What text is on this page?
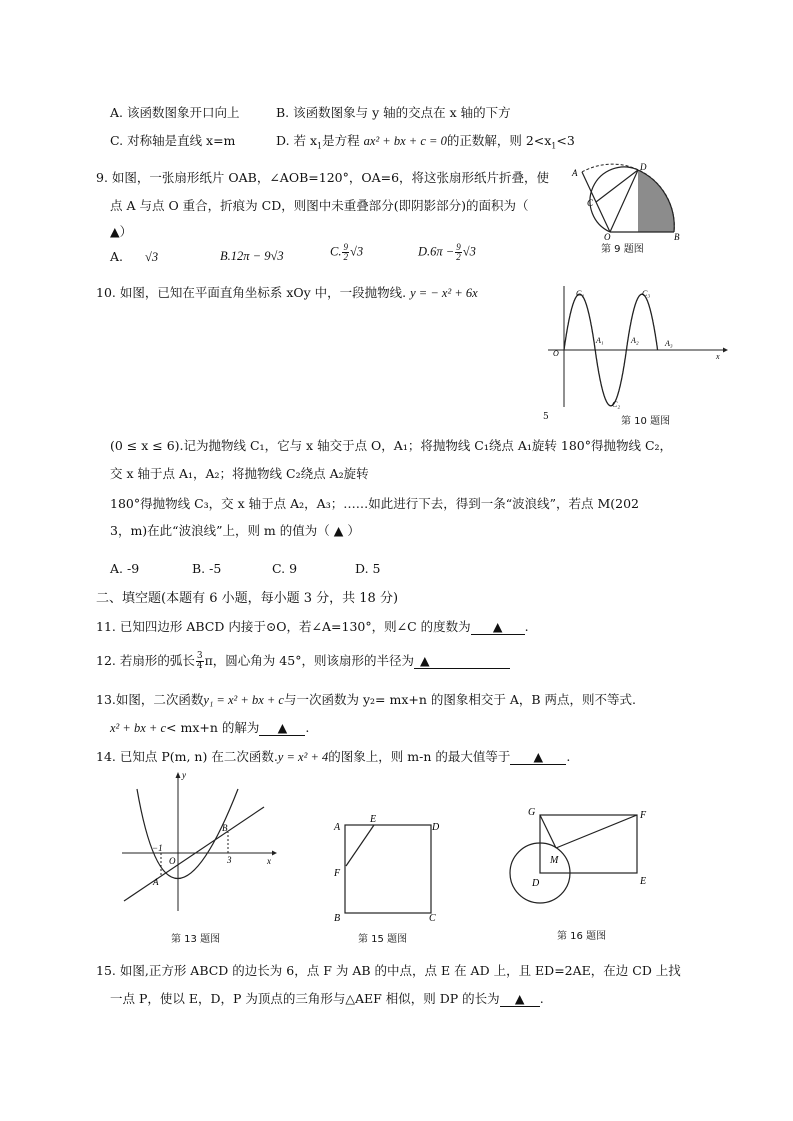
A. 该函数图象开口向上	B. 该函数图象与 y 轴的交点在 x 轴的下方
C. 对称轴是直线 x=m	D. 若 $x_1$是方程 ax² + bx + c = 0的正数解，则 $2<x_1<3$
9. 如图，一张扇形纸片 OAB，∠AOB=120°，OA=6，将这张扇形纸片折叠，使
点 A 与点 O 重合，折痕为 CD，则图中未重叠部分(即阴影部分)的面积为（
▲）
A. √3	B.12π − 9√3	C. $\frac{9}{2} √3$	$D.6\pi - \frac{9}{2} √3$
A
C
D
O	B
第 9 题图
10. 如图，已知在平面直角坐标系 xOy 中，一段抛物线. y = − x² + 6x	C₁
A₁	A₂	A₃
C₃
C₂
O	x
5	第 10 题图
(0 ≤ x ≤ 6).记为抛物线 C₁，它与 x 轴交于点 O，A₁；将抛物线 C₁绕点 A₁旋转 180°得抛物线 C₂，
交 x 轴于点 A₁，A₂；将抛物线 C₂绕点 A₂旋转
180°得抛物线 C₃，交 x 轴于点 A₂，A₃；……如此进行下去，得到一条“波浪线”，若点 M(202
3，m)在此“波浪线”上，则 m 的值为（ ▲ ）
A. -9	B. -5	C. 9	D. 5
二、填空题(本题有 6 小题，每小题 3 分，共 18 分)
11. 已知四边形 ABCD 内接于⊙O，若∠A=130°，则∠C 的度数为 ▲ .
12. 若扇形的弧长 $\frac{3}{4}$ π，圆心角为 45°，则该扇形的半径为 ▲
13.如图，二次函数y₁ = x² + bx + c与一次函数为 y₂= mx+n 的图象相交于 A，B 两点，则不等式.
x² + bx + c< mx+n 的解为 ▲ .
14. 已知点 P(m, n) 在二次函数.y = x² + 4的图象上，则 m-n 的最大值等于 ▲ .
y
x
B
A
O
−1
3
第 13 题图
A
E
D
F
B	C
第 15 题图
G	F
M
D	E
第 16 题图
15. 如图,正方形 ABCD 的边长为 6，点 F 为 AB 的中点，点 E 在 AD 上，且 ED=2AE，在边 CD 上找
一点 P，使以 E，D，P 为顶点的三角形与△AEF 相似，则 DP 的长为 ▲ .
